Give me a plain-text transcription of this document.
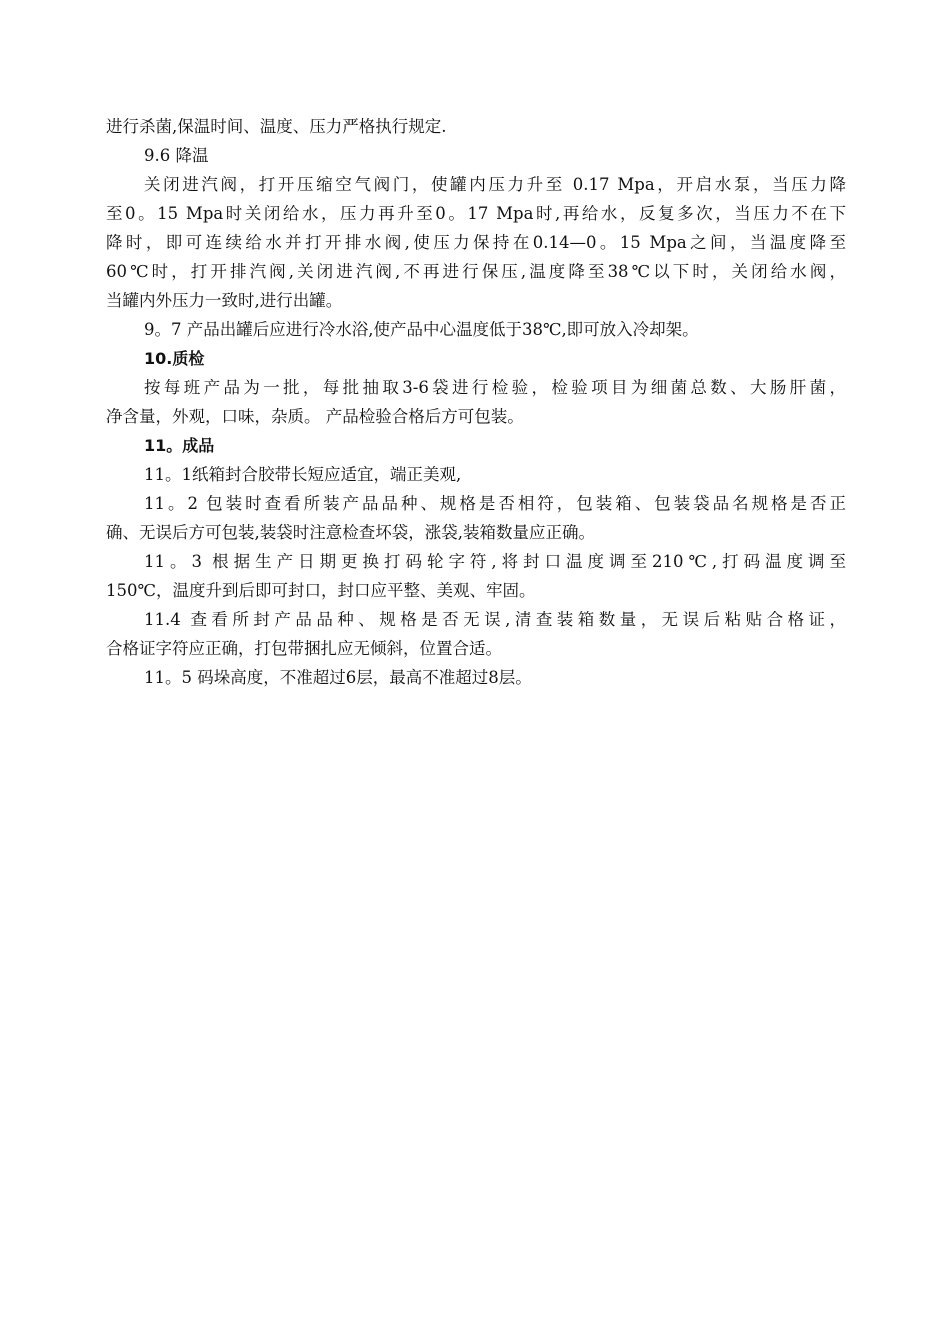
进行杀菌,保温时间、温度、压力严格执行规定.
9.6 降温
关闭进汽阀，打开压缩空气阀门，使罐内压力升至 0.17 Mpa，开启水泵，当压力降
至0。15 Mpa时关闭给水，压力再升至0。17 Mpa时,再给水，反复多次，当压力不在下
降时，即可连续给水并打开排水阀,使压力保持在0.14—0。15 Mpa之间，当温度降至
60℃时，打开排汽阀,关闭进汽阀,不再进行保压,温度降至38℃以下时，关闭给水阀，
当罐内外压力一致时,进行出罐。
9。7 产品出罐后应进行冷水浴,使产品中心温度低于38℃,即可放入冷却架。
10.质检
按每班产品为一批，每批抽取3-6袋进行检验，检验项目为细菌总数、大肠肝菌，
净含量，外观，口味，杂质。 产品检验合格后方可包装。
11。成品
11。1纸箱封合胶带长短应适宜，端正美观,
11。2 包装时查看所装产品品种、规格是否相符，包装箱、包装袋品名规格是否正
确、无误后方可包装,装袋时注意检查坏袋，涨袋,装箱数量应正确。
11。3 根据生产日期更换打码轮字符,将封口温度调至210℃,打码温度调至
150℃，温度升到后即可封口，封口应平整、美观、牢固。
11.4 查看所封产品品种、规格是否无误,清查装箱数量，无误后粘贴合格证，
合格证字符应正确，打包带捆扎应无倾斜，位置合适。
11。5 码垛高度，不准超过6层，最高不准超过8层。
